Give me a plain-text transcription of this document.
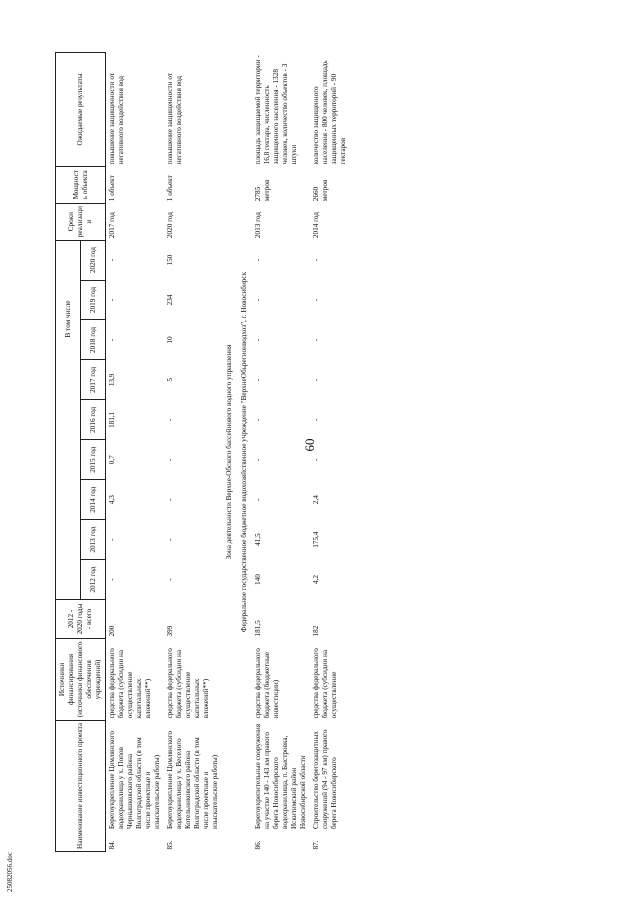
60
25082056.doc
Наименование инвестиционного проекта		Источники финансирования (источники финансового обеспечения учреждений)	2012 - 2020 годы - всего	В том числе									Сроки реализации	Мощность объекта	Ожидаемые результаты
				2012 год	2013 год	2014 год	2015 год	2016 год	2017 год	2018 год	2019 год	2020 год			
84.	Берегоукрепление Цимлянского водохранилища у х. Попов Чернышковского района Волгоградской области (в том числе проектные и изыскательские работы)	средства федерального бюджета (субсидии на осуществление капитальных вложений**)	200	-	-	4,3	0,7	181,1	13,9	-	-	-	2017 год	1 объект	повышение защищенности от негативного воздействия вод
85.	Берегоукрепление Цимлянского водохранилища у х. Веселого Котельниковского района Волгоградской области (в том числе проектные и изыскательские работы)	средства федерального бюджета (субсидии на осуществление капитальных вложений**)	399	-	-	-	-	-	5	10	234	150	2020 год	1 объект	повышение защищенности от негативного воздействия вод
Зона деятельности Верхне-Обского бассейнового водного управления															
Федеральное государственное бюджетное водохозяйственное учреждение "ВерхнеОбьрегионводхоз", г. Новосибирск															
86.	Берегоукрепительные сооружения на участке 140 - 143 км правого берега Новосибирского водохранилища, п. Быстровка, Искитимский район Новосибирской области	средства федерального бюджета (бюджетные инвестиции)	181,5	140	41,5	-	-	-	-	-	-	-	2013 год	2785 метров	площадь защищаемой территории - 16,8 гектара, численность защищенного населения - 1328 человек, количество объектов - 3 штуки
87.	Строительство берегозащитных сооружений (94 - 97 км) правого берега Новосибирского	средства федерального бюджета (субсидии на осуществление	182	4,2	175,4	2,4	-	-	-	-	-	-	2014 год	2660 метров	количество защищенного населения - 800 человек, площадь защищенных территорий - 90 гектаров
